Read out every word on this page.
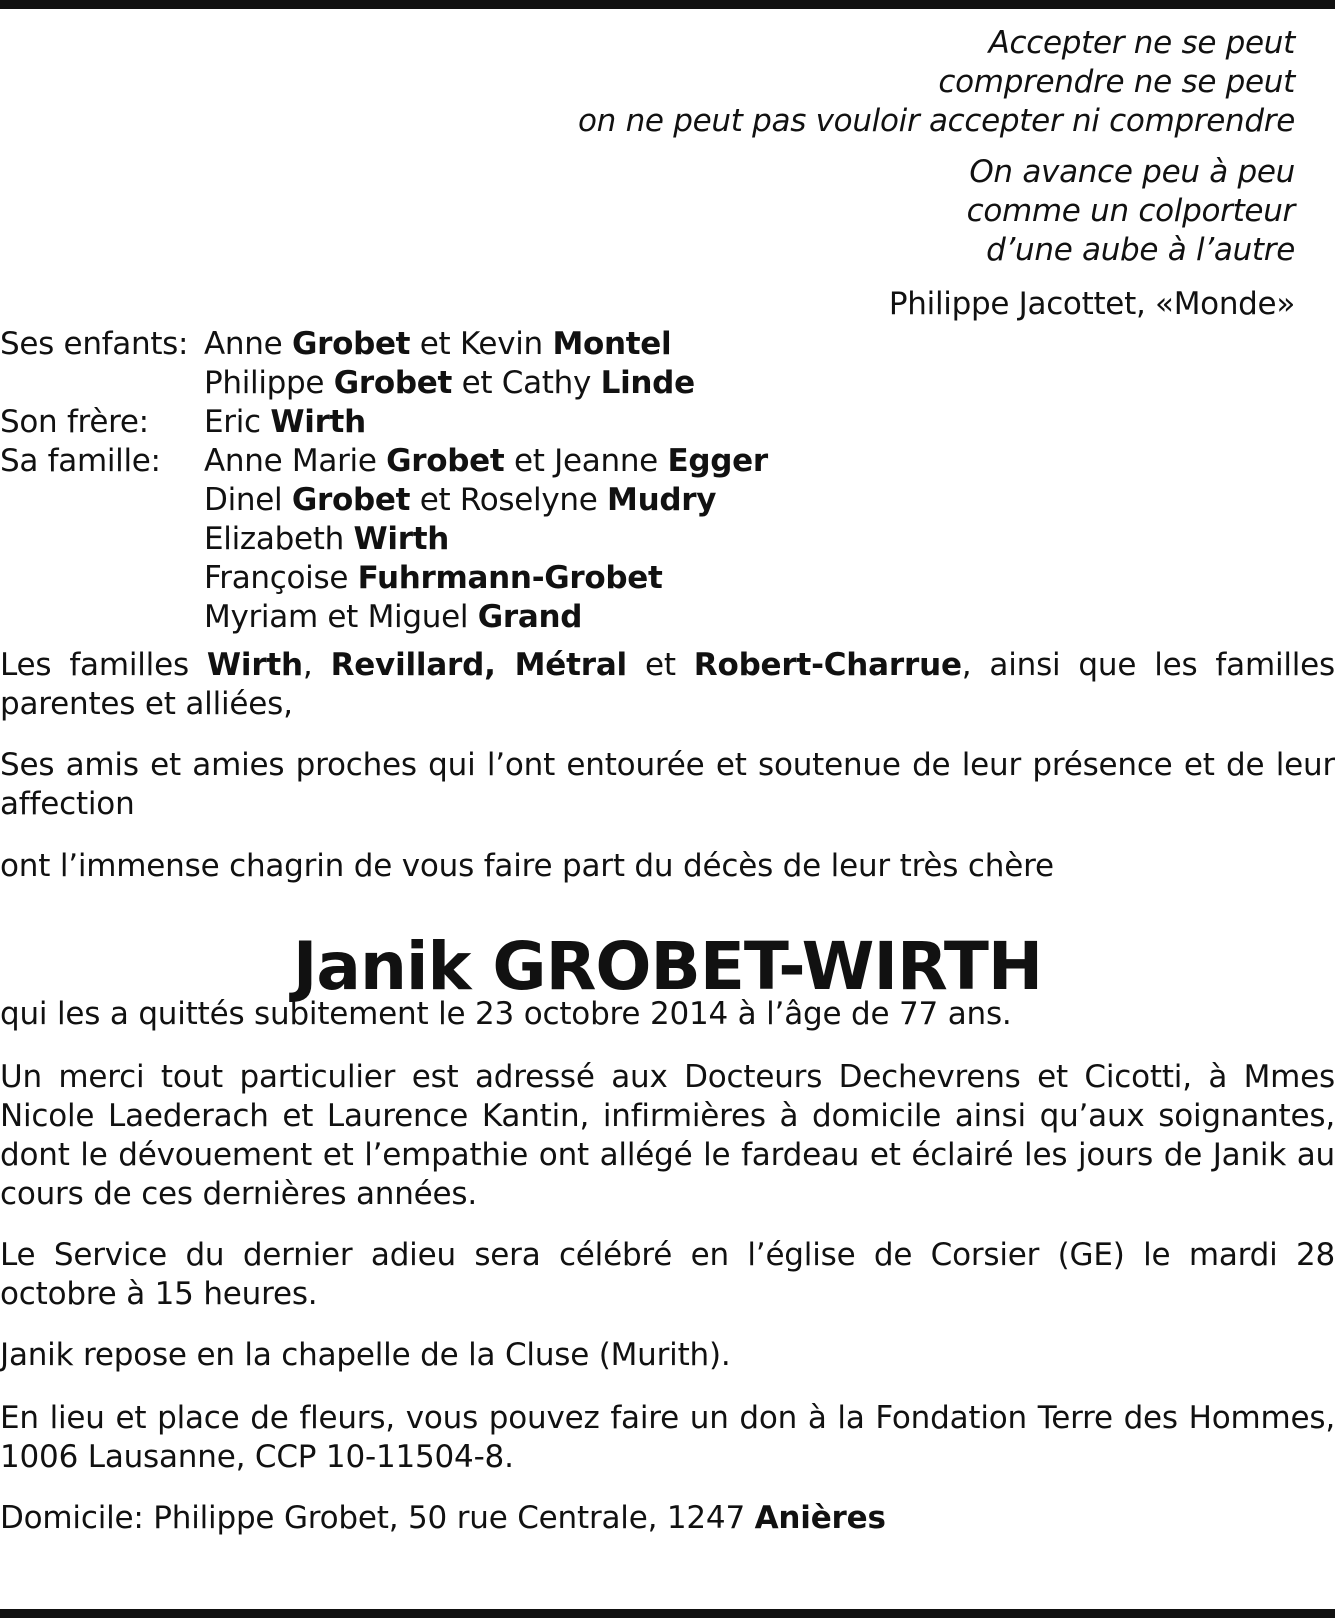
Accepter ne se peut
comprendre ne se peut
on ne peut pas vouloir accepter ni comprendre
On avance peu à peu
comme un colporteur
d’une aube à l’autre
Philippe Jacottet, «Monde»
Ses enfants: Anne Grobet et Kevin Montel
Philippe Grobet et Cathy Linde
Son frère:	Eric Wirth
Sa famille:	Anne Marie Grobet et Jeanne Egger
Dinel Grobet et Roselyne Mudry
Elizabeth Wirth
Françoise Fuhrmann-Grobet
Myriam et Miguel Grand

Les familles Wirth, Revillard, Métral et Robert-Charrue, ainsi que les familles parentes et alliées,

Ses amis et amies proches qui l’ont entourée et soutenue de leur présence et de leur affection

ont l’immense chagrin de vous faire part du décès de leur très chère

Janik GROBET-WIRTH

qui les a quittés subitement le 23 octobre 2014 à l’âge de 77 ans.

Un merci tout particulier est adressé aux Docteurs Dechevrens et Cicotti, à Mmes Nicole Laederach et Laurence Kantin, infirmières à domicile ainsi qu’aux soignantes, dont le dévouement et l’empathie ont allégé le fardeau et éclairé les jours de Janik au cours de ces dernières années.

Le Service du dernier adieu sera célébré en l’église de Corsier (GE) le mardi 28 octobre à 15 heures.

Janik repose en la chapelle de la Cluse (Murith).

En lieu et place de fleurs, vous pouvez faire un don à la Fondation Terre des Hommes, 1006 Lausanne, CCP 10-11504-8.

Domicile: Philippe Grobet, 50 rue Centrale, 1247 Anières
